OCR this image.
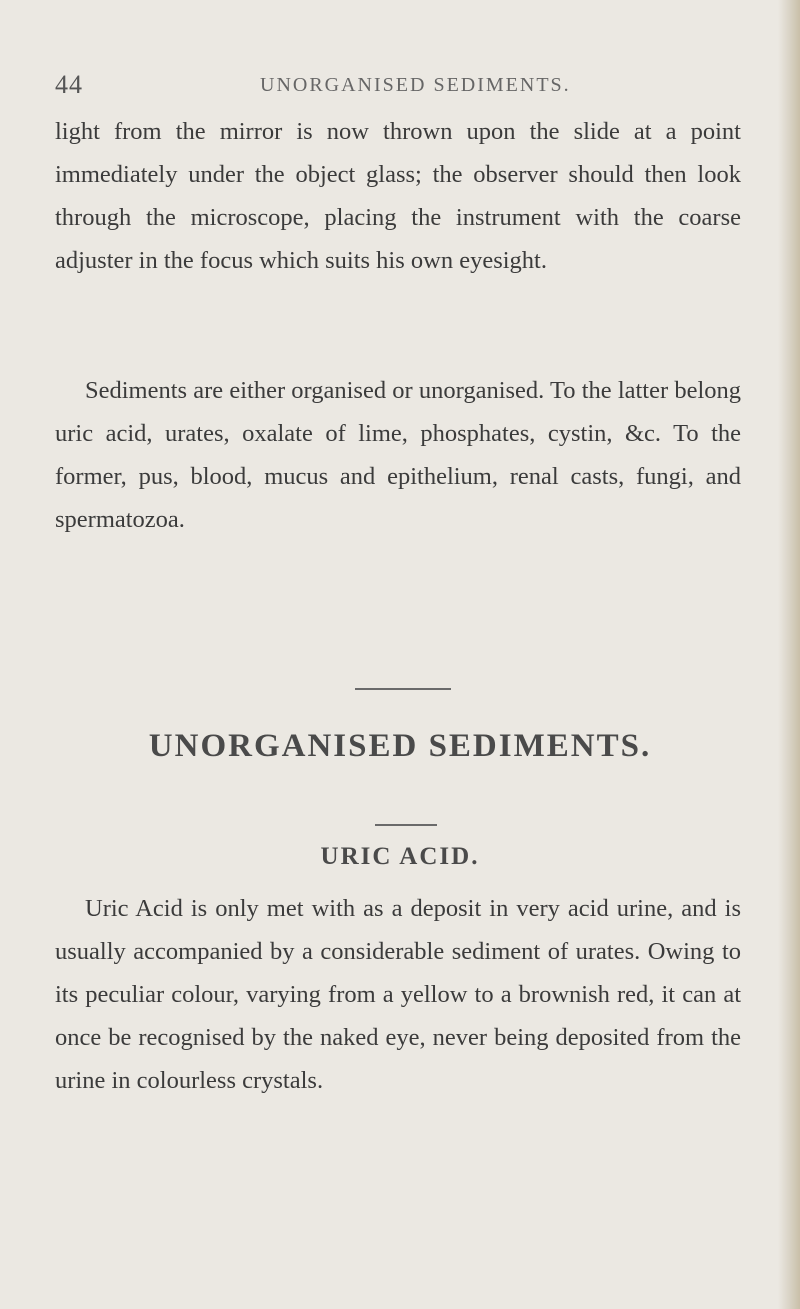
44	UNORGANISED SEDIMENTS.

light from the mirror is now thrown upon the slide at a point immediately under the object glass; the observer should then look through the microscope, placing the instrument with the coarse adjuster in the focus which suits his own eyesight.

Sediments are either organised or unorganised. To the latter belong uric acid, urates, oxalate of lime, phosphates, cystin, &c. To the former, pus, blood, mucus and epithelium, renal casts, fungi, and spermatozoa.

UNORGANISED SEDIMENTS.
URIC ACID.

Uric Acid is only met with as a deposit in very acid urine, and is usually accompanied by a considerable sediment of urates. Owing to its peculiar colour, varying from a yellow to a brownish red, it can at once be recognised by the naked eye, never being deposited from the urine in colourless crystals.
